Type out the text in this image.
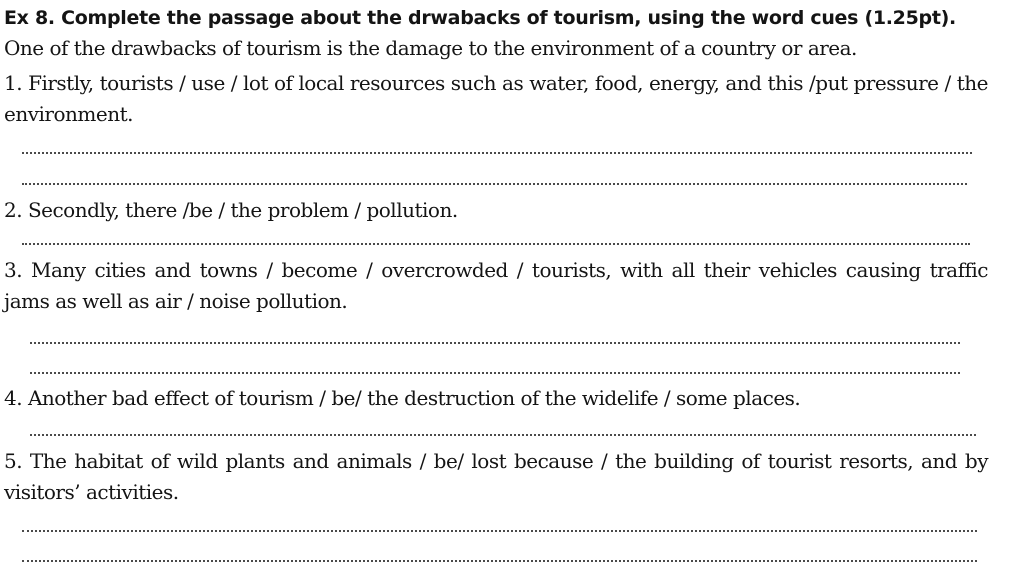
Ex 8. Complete the passage about the drwabacks of tourism, using the word cues (1.25pt).
One of the drawbacks of tourism is the damage to the environment of a country or area.
1. Firstly, tourists / use / lot of local resources such as water, food, energy, and this /put pressure / the environment.
2. Secondly, there /be / the problem / pollution.
3. Many cities and towns / become / overcrowded / tourists, with all their vehicles causing traffic jams as well as air / noise pollution.
4. Another bad effect of tourism / be/ the destruction of the widelife / some places.
5. The habitat of wild plants and animals / be/ lost because / the building of tourist resorts, and by visitors’ activities.
